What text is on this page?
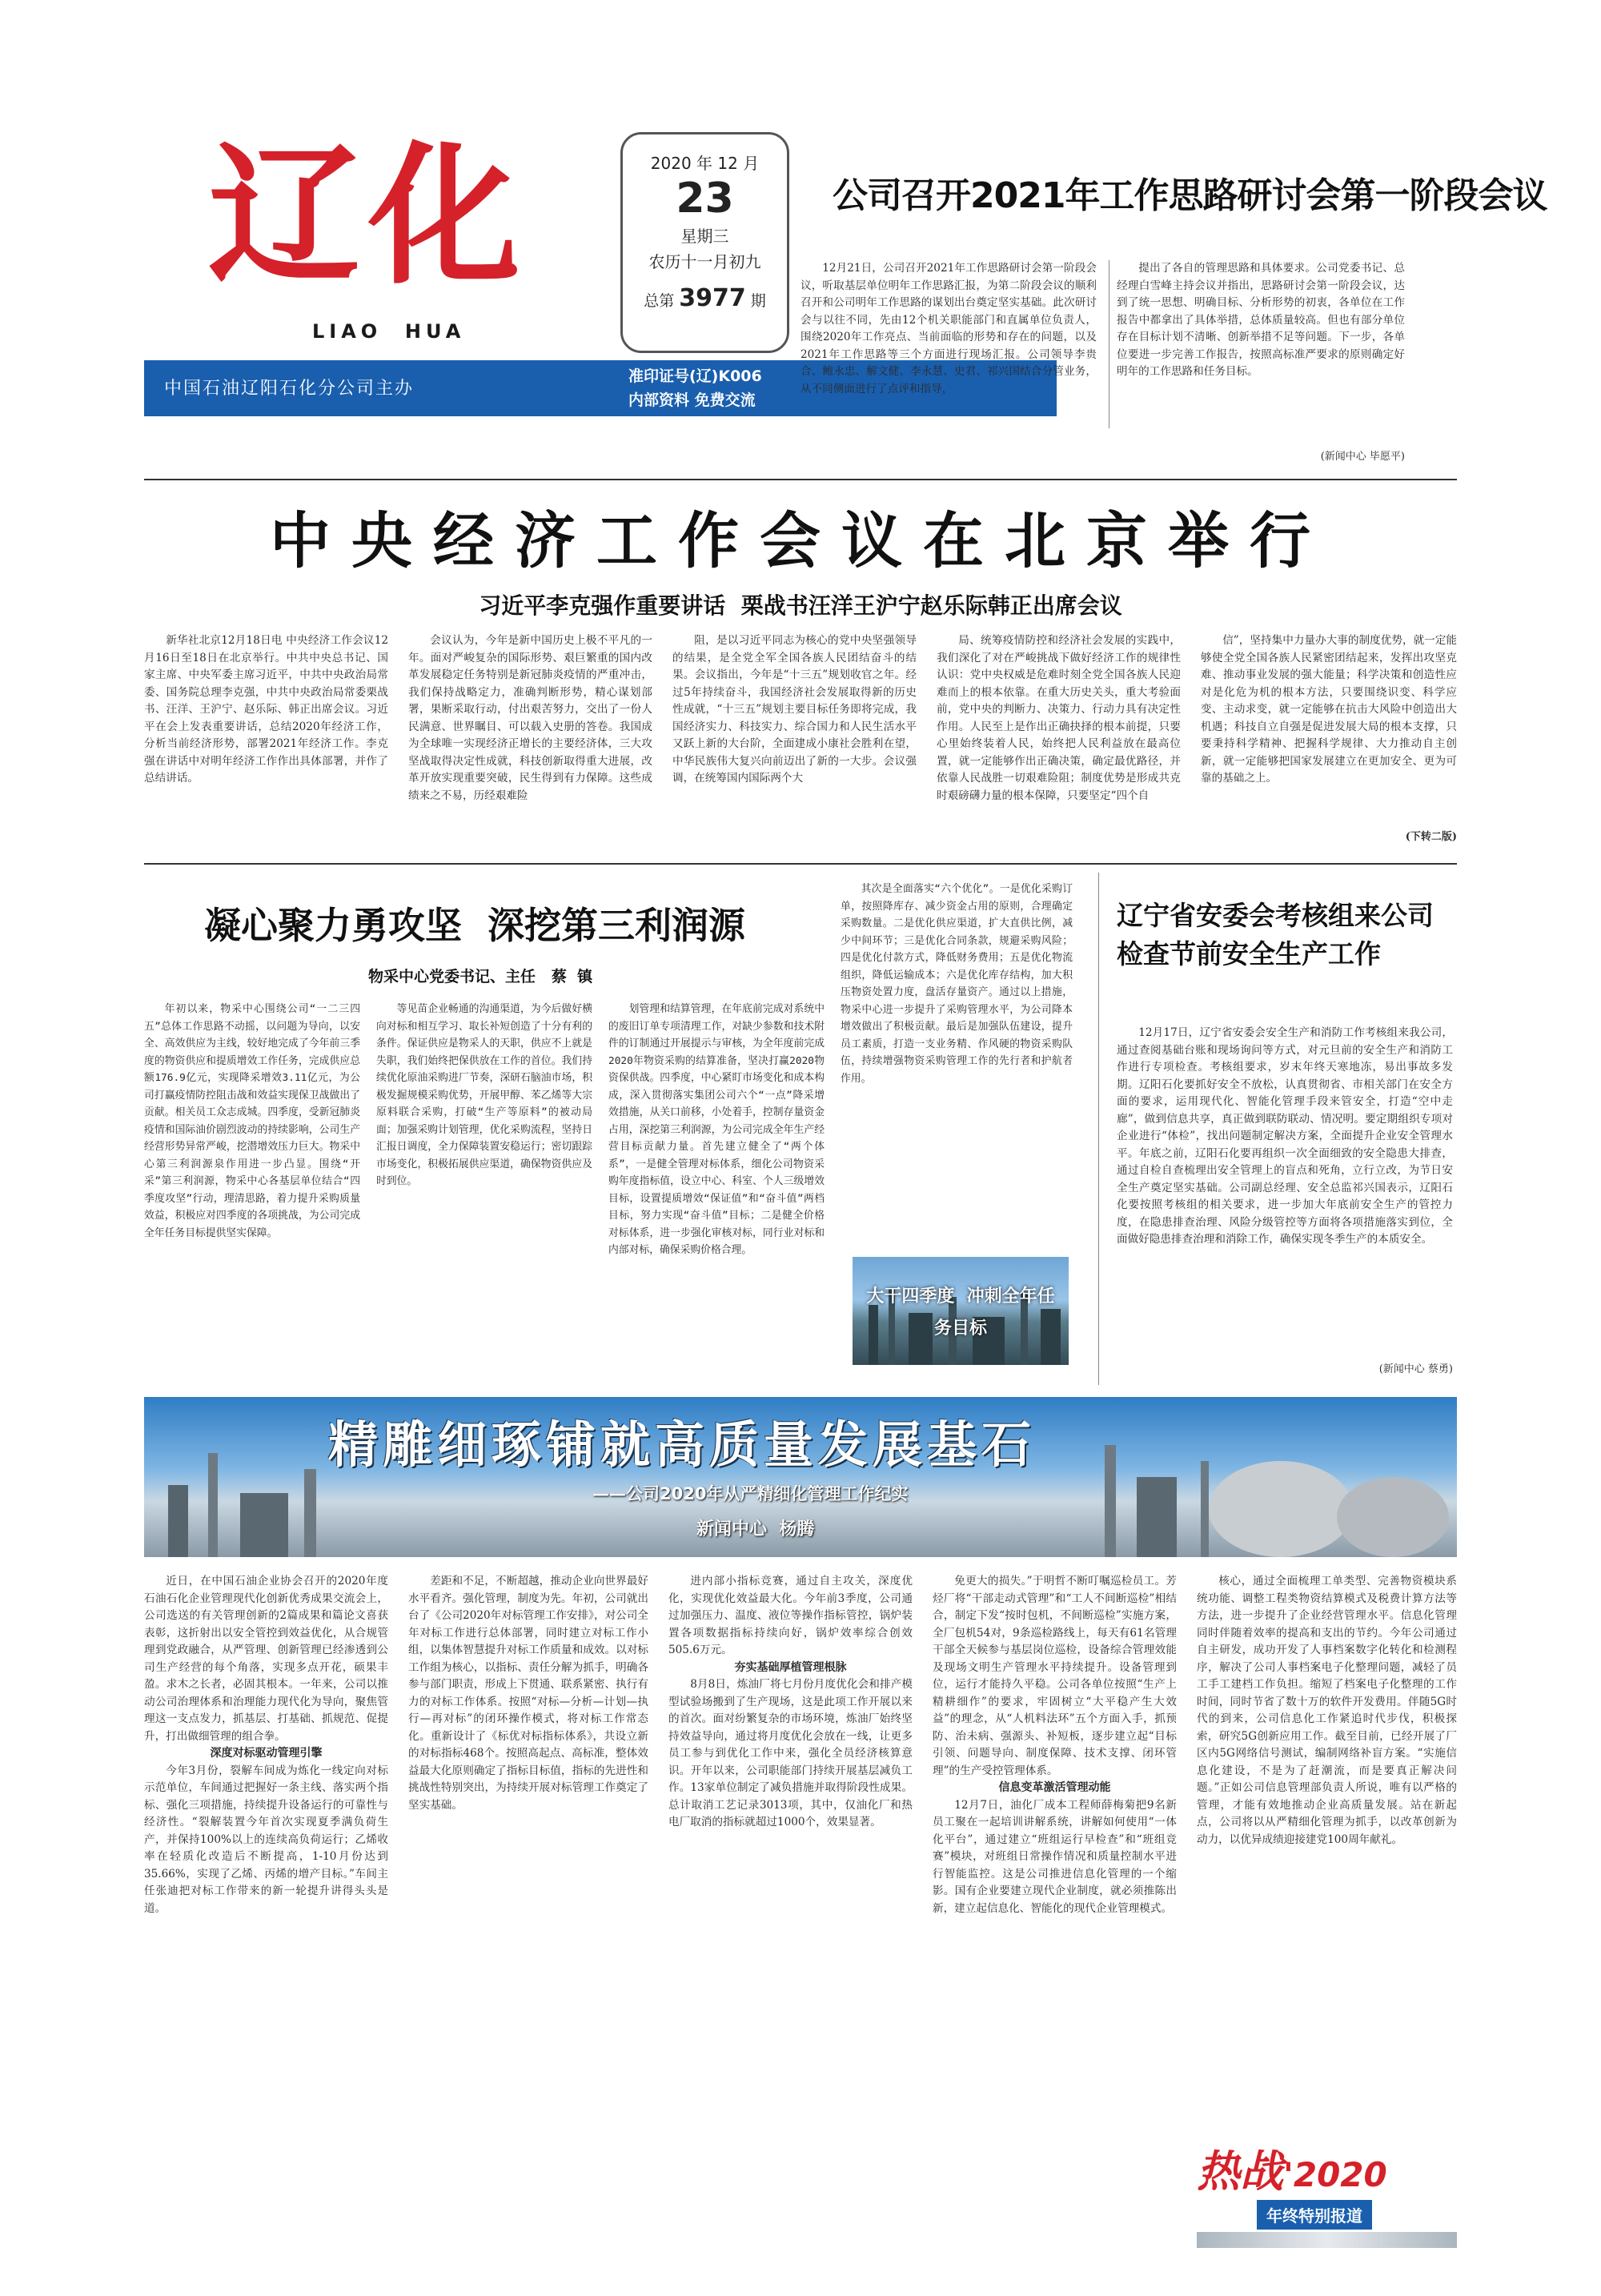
辽化
LIAO  HUA
2020 年 12 月
23
星期三
农历十一月初九
总第 3977 期
中国石油辽阳石化分公司主办
准印证号(辽)K006
内部资料 免费交流
公司召开2021年工作思路研讨会第一阶段会议
12月21日，公司召开2021年工作思路研讨会第一阶段会议，听取基层单位明年工作思路汇报，为第二阶段会议的顺利召开和公司明年工作思路的谋划出台奠定坚实基础。此次研讨会与以往不同，先由12个机关职能部门和直属单位负责人，围绕2020年工作亮点、当前面临的形势和存在的问题，以及2021年工作思路等三个方面进行现场汇报。公司领导李贵合、鲍永忠、解文健、李永慧、史君、祁兴国结合分管业务，从不同侧面进行了点评和指导，
提出了各自的管理思路和具体要求。公司党委书记、总经理白雪峰主持会议并指出，思路研讨会第一阶段会议，达到了统一思想、明确目标、分析形势的初衷，各单位在工作报告中都拿出了具体举措，总体质量较高。但也有部分单位存在目标计划不清晰、创新举措不足等问题。下一步，各单位要进一步完善工作报告，按照高标准严要求的原则确定好明年的工作思路和任务目标。
(新闻中心 毕愿平)
中央经济工作会议在北京举行
习近平李克强作重要讲话  栗战书汪洋王沪宁赵乐际韩正出席会议
新华社北京12月18日电 中央经济工作会议12月16日至18日在北京举行。中共中央总书记、国家主席、中央军委主席习近平，中共中央政治局常委、国务院总理李克强，中共中央政治局常委栗战书、汪洋、王沪宁、赵乐际、韩正出席会议。习近平在会上发表重要讲话，总结2020年经济工作，分析当前经济形势，部署2021年经济工作。李克强在讲话中对明年经济工作作出具体部署，并作了总结讲话。
会议认为，今年是新中国历史上极不平凡的一年。面对严峻复杂的国际形势、艰巨繁重的国内改革发展稳定任务特别是新冠肺炎疫情的严重冲击，我们保持战略定力，准确判断形势，精心谋划部署，果断采取行动，付出艰苦努力，交出了一份人民满意、世界瞩目、可以载入史册的答卷。我国成为全球唯一实现经济正增长的主要经济体，三大攻坚战取得决定性成就，科技创新取得重大进展，改革开放实现重要突破，民生得到有力保障。这些成绩来之不易，历经艰难险
阻，是以习近平同志为核心的党中央坚强领导的结果，是全党全军全国各族人民团结奋斗的结果。会议指出，今年是“十三五”规划收官之年。经过5年持续奋斗，我国经济社会发展取得新的历史性成就，“十三五”规划主要目标任务即将完成，我国经济实力、科技实力、综合国力和人民生活水平又跃上新的大台阶，全面建成小康社会胜利在望，中华民族伟大复兴向前迈出了新的一大步。会议强调，在统筹国内国际两个大
局、统筹疫情防控和经济社会发展的实践中，我们深化了对在严峻挑战下做好经济工作的规律性认识：党中央权威是危难时刻全党全国各族人民迎难而上的根本依靠。在重大历史关头，重大考验面前，党中央的判断力、决策力、行动力具有决定性作用。人民至上是作出正确抉择的根本前提，只要心里始终装着人民，始终把人民利益放在最高位置，就一定能够作出正确决策，确定最优路径，并依靠人民战胜一切艰难险阻；制度优势是形成共克时艰磅礴力量的根本保障，只要坚定“四个自
信”，坚持集中力量办大事的制度优势，就一定能够使全党全国各族人民紧密团结起来，发挥出攻坚克难、推动事业发展的强大能量；科学决策和创造性应对是化危为机的根本方法，只要围绕识变、科学应变、主动求变，就一定能够在抗击大风险中创造出大机遇；科技自立自强是促进发展大局的根本支撑，只要秉持科学精神、把握科学规律、大力推动自主创新，就一定能够把国家发展建立在更加安全、更为可靠的基础之上。
(下转二版)
凝心聚力勇攻坚  深挖第三利润源
物采中心党委书记、主任   蔡  镇
年初以来，物采中心围绕公司“一二三四五”总体工作思路不动摇，以问题为导向，以安全、高效供应为主线，较好地完成了今年前三季度的物资供应和提质增效工作任务，完成供应总额176.9亿元，实现降采增效3.11亿元，为公司打赢疫情防控阻击战和效益实现保卫战做出了贡献。相关员工众志成城。四季度，受新冠肺炎疫情和国际油价剧烈波动的持续影响，公司生产经营形势异常严峻，挖潜增效压力巨大。物采中心第三利润源泉作用进一步凸显。围绕“开采”第三利润源，物采中心各基层单位结合“四季度攻坚”行动，理清思路，着力提升采购质量效益，积极应对四季度的各项挑战，为公司完成全年任务目标提供坚实保障。
等见苗企业畅通的沟通渠道，为今后做好横向对标和相互学习、取长补短创造了十分有利的条件。保证供应是物采人的天职，供应不上就是失职，我们始终把保供放在工作的首位。我们持续优化原油采购进厂节奏，深研石脑油市场，积极发掘规模采购优势，开展甲醇、苯乙烯等大宗原料联合采购，打破“生产等原料”的被动局面；加强采购计划管理，优化采购流程，坚持日汇报日调度，全力保障装置安稳运行；密切跟踪市场变化，积极拓展供应渠道，确保物资供应及时到位。
划管理和结算管理，在年底前完成对系统中的废旧订单专项清理工作，对缺少参数和技术附件的订制通过开展提示与审核，为全年度前完成2020年物资采购的结算准备，坚决打赢2020物资保供战。四季度，中心紧盯市场变化和成本构成，深入贯彻落实集团公司六个“一点”降采增效措施，从关口前移，小处着手，控制存量资金占用，深挖第三利润源，为公司完成全年生产经营目标贡献力量。首先建立健全了“两个体系”，一是健全管理对标体系，细化公司物资采购年度指标值，设立中心、科室、个人三级增效目标，设置提质增效“保证值”和“奋斗值”两档目标，努力实现“奋斗值”目标；二是健全价格对标体系，进一步强化审核对标，同行业对标和内部对标，确保采购价格合理。
其次是全面落实“六个优化”。一是优化采购订单，按照降库存、减少资金占用的原则，合理确定采购数量。二是优化供应渠道，扩大直供比例，减少中间环节；三是优化合同条款，规避采购风险；四是优化付款方式，降低财务费用；五是优化物流组织，降低运输成本；六是优化库存结构，加大积压物资处置力度，盘活存量资产。通过以上措施，物采中心进一步提升了采购管理水平，为公司降本增效做出了积极贡献。最后是加强队伍建设，提升员工素质，打造一支业务精、作风硬的物资采购队伍，持续增强物资采购管理工作的先行者和护航者作用。
大干四季度  冲刺全年任务目标
辽宁省安委会考核组来公司检查节前安全生产工作
12月17日，辽宁省安委会安全生产和消防工作考核组来我公司，通过查阅基础台账和现场询问等方式，对元旦前的安全生产和消防工作进行专项检查。考核组要求，岁末年终天寒地冻，易出事故多发期。辽阳石化要抓好安全不放松，认真贯彻省、市相关部门在安全方面的要求，运用现代化、智能化管理手段来管安全，打造“空中走廊”，做到信息共享，真正做到联防联动、情况明。要定期组织专项对企业进行“体检”，找出问题制定解决方案，全面提升企业安全管理水平。年底之前，辽阳石化要再组织一次全面细致的安全隐患大排查，通过自检自查梳理出安全管理上的盲点和死角，立行立改，为节日安全生产奠定坚实基础。公司副总经理、安全总监祁兴国表示，辽阳石化要按照考核组的相关要求，进一步加大年底前安全生产的管控力度，在隐患排查治理、风险分级管控等方面将各项措施落实到位，全面做好隐患排查治理和消除工作，确保实现冬季生产的本质安全。
(新闻中心 蔡勇)
精雕细琢铺就高质量发展基石
——公司2020年从严精细化管理工作纪实
新闻中心  杨腾

近日，在中国石油企业协会召开的2020年度石油石化企业管理现代化创新优秀成果交流会上，公司选送的有关管理创新的2篇成果和篇论文喜获表彰，这折射出以安全管控到效益优化，从合规管理到党政融合，从严管理、创新管理已经渗透到公司生产经营的每个角落，实现多点开花，硕果丰盈。求木之长者，必固其根本。一年来，公司以推动公司治理体系和治理能力现代化为导向，聚焦管理这一支点发力，抓基层、打基础、抓规范、促提升，打出做细管理的组合拳。

深度对标驱动管理引擎

今年3月份，裂解车间成为炼化一线定向对标示范单位，车间通过把握好一条主线、落实两个指标、强化三项措施，持续提升设备运行的可靠性与经济性。“裂解装置今年首次实现夏季满负荷生产，并保持100%以上的连续高负荷运行；乙烯收率在轻质化改造后不断提高，1-10月份达到35.66%，实现了乙烯、丙烯的增产目标。”车间主任张迪把对标工作带来的新一轮提升讲得头头是道。

差距和不足，不断超越，推动企业向世界最好水平看齐。强化管理，制度为先。年初，公司就出台了《公司2020年对标管理工作安排》，对公司全年对标工作进行总体部署，同时建立对标工作小组，以集体智慧提升对标工作质量和成效。以对标工作组为核心，以指标、责任分解为抓手，明确各参与部门职责，形成上下贯通、联系紧密、执行有力的对标工作体系。按照“对标—分析—计划—执行—再对标”的闭环操作模式，将对标工作常态化。重新设计了《标优对标指标体系》，共设立新的对标指标468个。按照高起点、高标准，整体效益最大化原则确定了指标目标值，指标的先进性和挑战性特别突出，为持续开展对标管理工作奠定了坚实基础。

进内部小指标竞赛，通过自主攻关，深度优化，实现优化效益最大化。今年前3季度，公司通过加强压力、温度、液位等操作指标管控，锅炉装置各项数据指标持续向好，锅炉效率综合创效505.6万元。

夯实基础厚植管理根脉

8月8日，炼油厂将七月份月度优化会和排产模型试验场搬到了生产现场，这是此项工作开展以来的首次。面对纷繁复杂的市场环境，炼油厂始终坚持效益导向，通过将月度优化会放在一线，让更多员工参与到优化工作中来，强化全员经济核算意识。开年以来，公司职能部门持续开展基层减负工作。13家单位制定了减负措施并取得阶段性成果。总计取消工艺记录3013项，其中，仅油化厂和热电厂取消的指标就超过1000个，效果显著。

免更大的损失。”于明哲不断叮嘱巡检员工。芳烃厂将“干部走动式管理”和“工人不间断巡检”相结合，制定下发“按时包机，不间断巡检”实施方案，全厂包机54对，9条巡检路线上，每天有61名管理干部全天候参与基层岗位巡检，设备综合管理效能及现场文明生产管理水平持续提升。设备管理到位，运行才能持久平稳。公司各单位按照“生产上精耕细作”的要求，牢固树立“大平稳产生大效益”的理念，从“人机料法环”五个方面入手，抓预防、治未病、强源头、补短板，逐步建立起“目标引领、问题导向、制度保障、技术支撑、闭环管理”的生产受控管理体系。

信息变革激活管理动能

12月7日，油化厂成本工程师薛梅菊把9名新员工聚在一起培训讲解系统，讲解如何使用“一体化平台”，通过建立“班组运行早检查”和“班组竞赛”模块，对班组日常操作情况和质量控制水平进行智能监控。这是公司推进信息化管理的一个缩影。国有企业要建立现代企业制度，就必须推陈出新，建立起信息化、智能化的现代企业管理模式。

核心，通过全面梳理工单类型、完善物资模块系统功能、调整工程类物资结算模式及税费计算方法等方法，进一步提升了企业经营管理水平。信息化管理同时伴随着效率的提高和支出的节约。今年公司通过自主研发，成功开发了人事档案数字化转化和检测程序，解决了公司人事档案电子化整理问题，减轻了员工手工建档工作负担。缩短了档案电子化整理的工作时间，同时节省了数十万的软件开发费用。伴随5G时代的到来，公司信息化工作紧追时代步伐，积极探索，研究5G创新应用工作。截至目前，已经开展了厂区内5G网络信号测试，编制网络补盲方案。“实施信息化建设，不是为了赶潮流，而是要真正解决问题。”正如公司信息管理部负责人所说，唯有以严格的管理，才能有效地推动企业高质量发展。站在新起点，公司将以从严精细化管理为抓手，以改革创新为动力，以优异成绩迎接建党100周年献礼。
热战'2020
年终特别报道
